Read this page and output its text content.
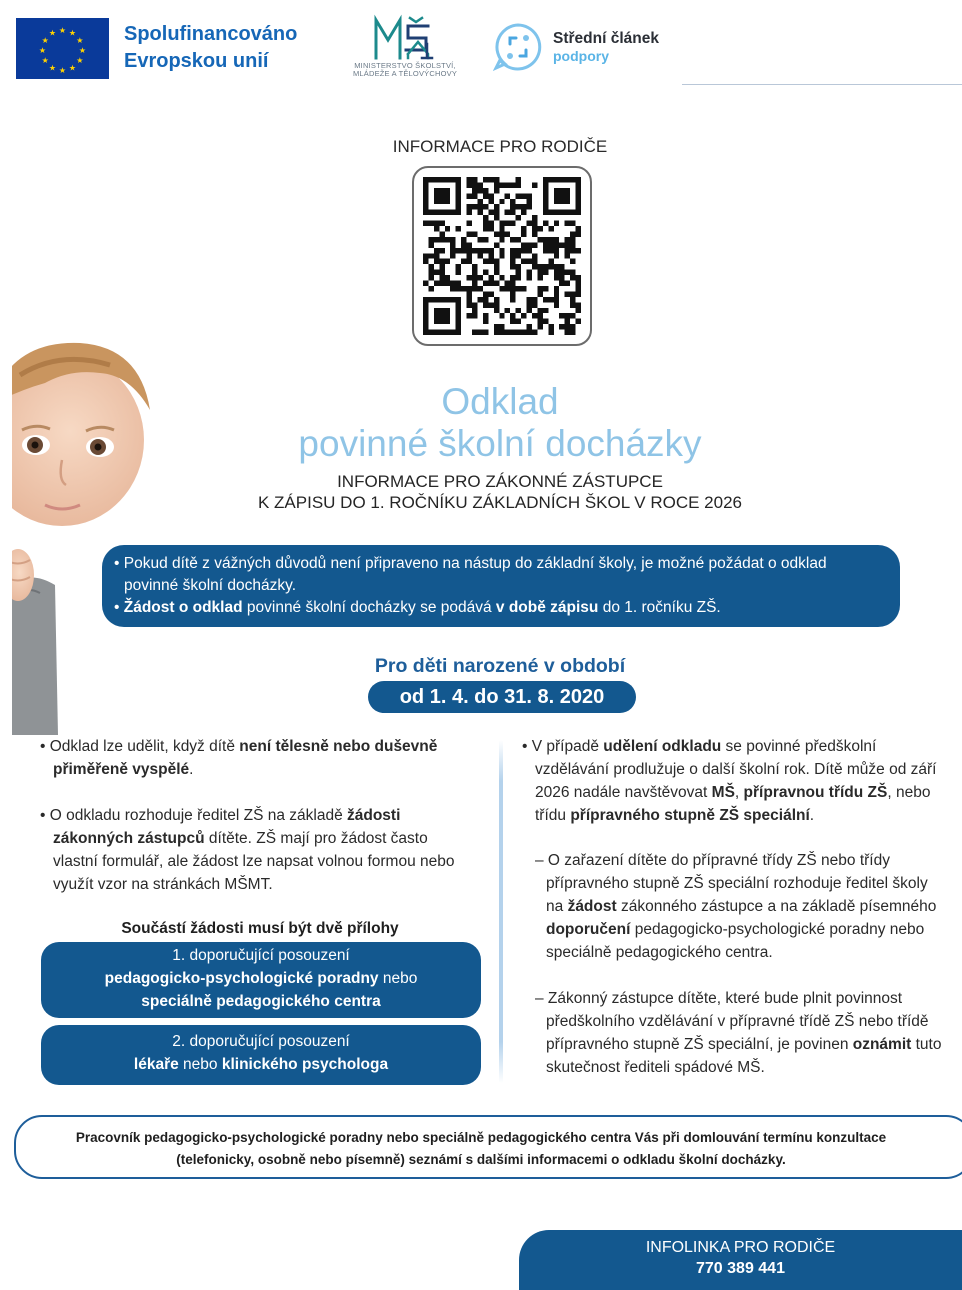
★ ★
★
★
★
★
★
★
★
★
★
★	Spolufinancováno
Evropskou unií	MINISTERSTVO ŠKOLSTVÍ,
MLÁDEŽE A TĚLOVÝCHOVY
Střední článek
podpory
INFORMACE PRO RODIČE
Odklad
povinné školní docházky
INFORMACE PRO ZÁKONNÉ ZÁSTUPCE
K ZÁPISU DO 1. ROČNÍKU ZÁKLADNÍCH ŠKOL V ROCE 2026
• Pokud dítě z vážných důvodů není připraveno na nástup do základní školy, je možné požádat o odklad
povinné školní docházky.
• Žádost o odklad povinné školní docházky se podává v době zápisu do 1. ročníku ZŠ.
Pro děti narozené v období
od 1. 4. do 31. 8. 2020
• Odklad lze udělit, když dítě není tělesně nebo duševně
přiměřeně vyspělé.
• O odkladu rozhoduje ředitel ZŠ na základě žádosti
zákonných zástupců dítěte. ZŠ mají pro žádost často
vlastní formulář, ale žádost lze napsat volnou formou nebo
využít vzor na stránkách MŠMT.
Součástí žádosti musí být dvě přílohy
1. doporučující posouzení
pedagogicko-psychologické poradny nebo
speciálně pedagogického centra
2. doporučující posouzení
lékaře nebo klinického psychologa
• V případě udělení odkladu se povinné předškolní
vzdělávání prodlužuje o další školní rok. Dítě může od září
2026 nadále navštěvovat MŠ, přípravnou třídu ZŠ, nebo
třídu přípravného stupně ZŠ speciální.
– O zařazení dítěte do přípravné třídy ZŠ nebo třídy
přípravného stupně ZŠ speciální rozhoduje ředitel školy
na žádost zákonného zástupce a na základě písemného
doporučení pedagogicko-psychologické poradny nebo
speciálně pedagogického centra.
– Zákonný zástupce dítěte, které bude plnit povinnost
předškolního vzdělávání v přípravné třídě ZŠ nebo třídě
přípravného stupně ZŠ speciální, je povinen oznámit tuto
skutečnost řediteli spádové MŠ.
Pracovník pedagogicko-psychologické poradny nebo speciálně pedagogického centra Vás při domlouvání termínu konzultace
(telefonicky, osobně nebo písemně) seznámí s dalšími informacemi o odkladu školní docházky.
INFOLINKA PRO RODIČE
770 389 441
